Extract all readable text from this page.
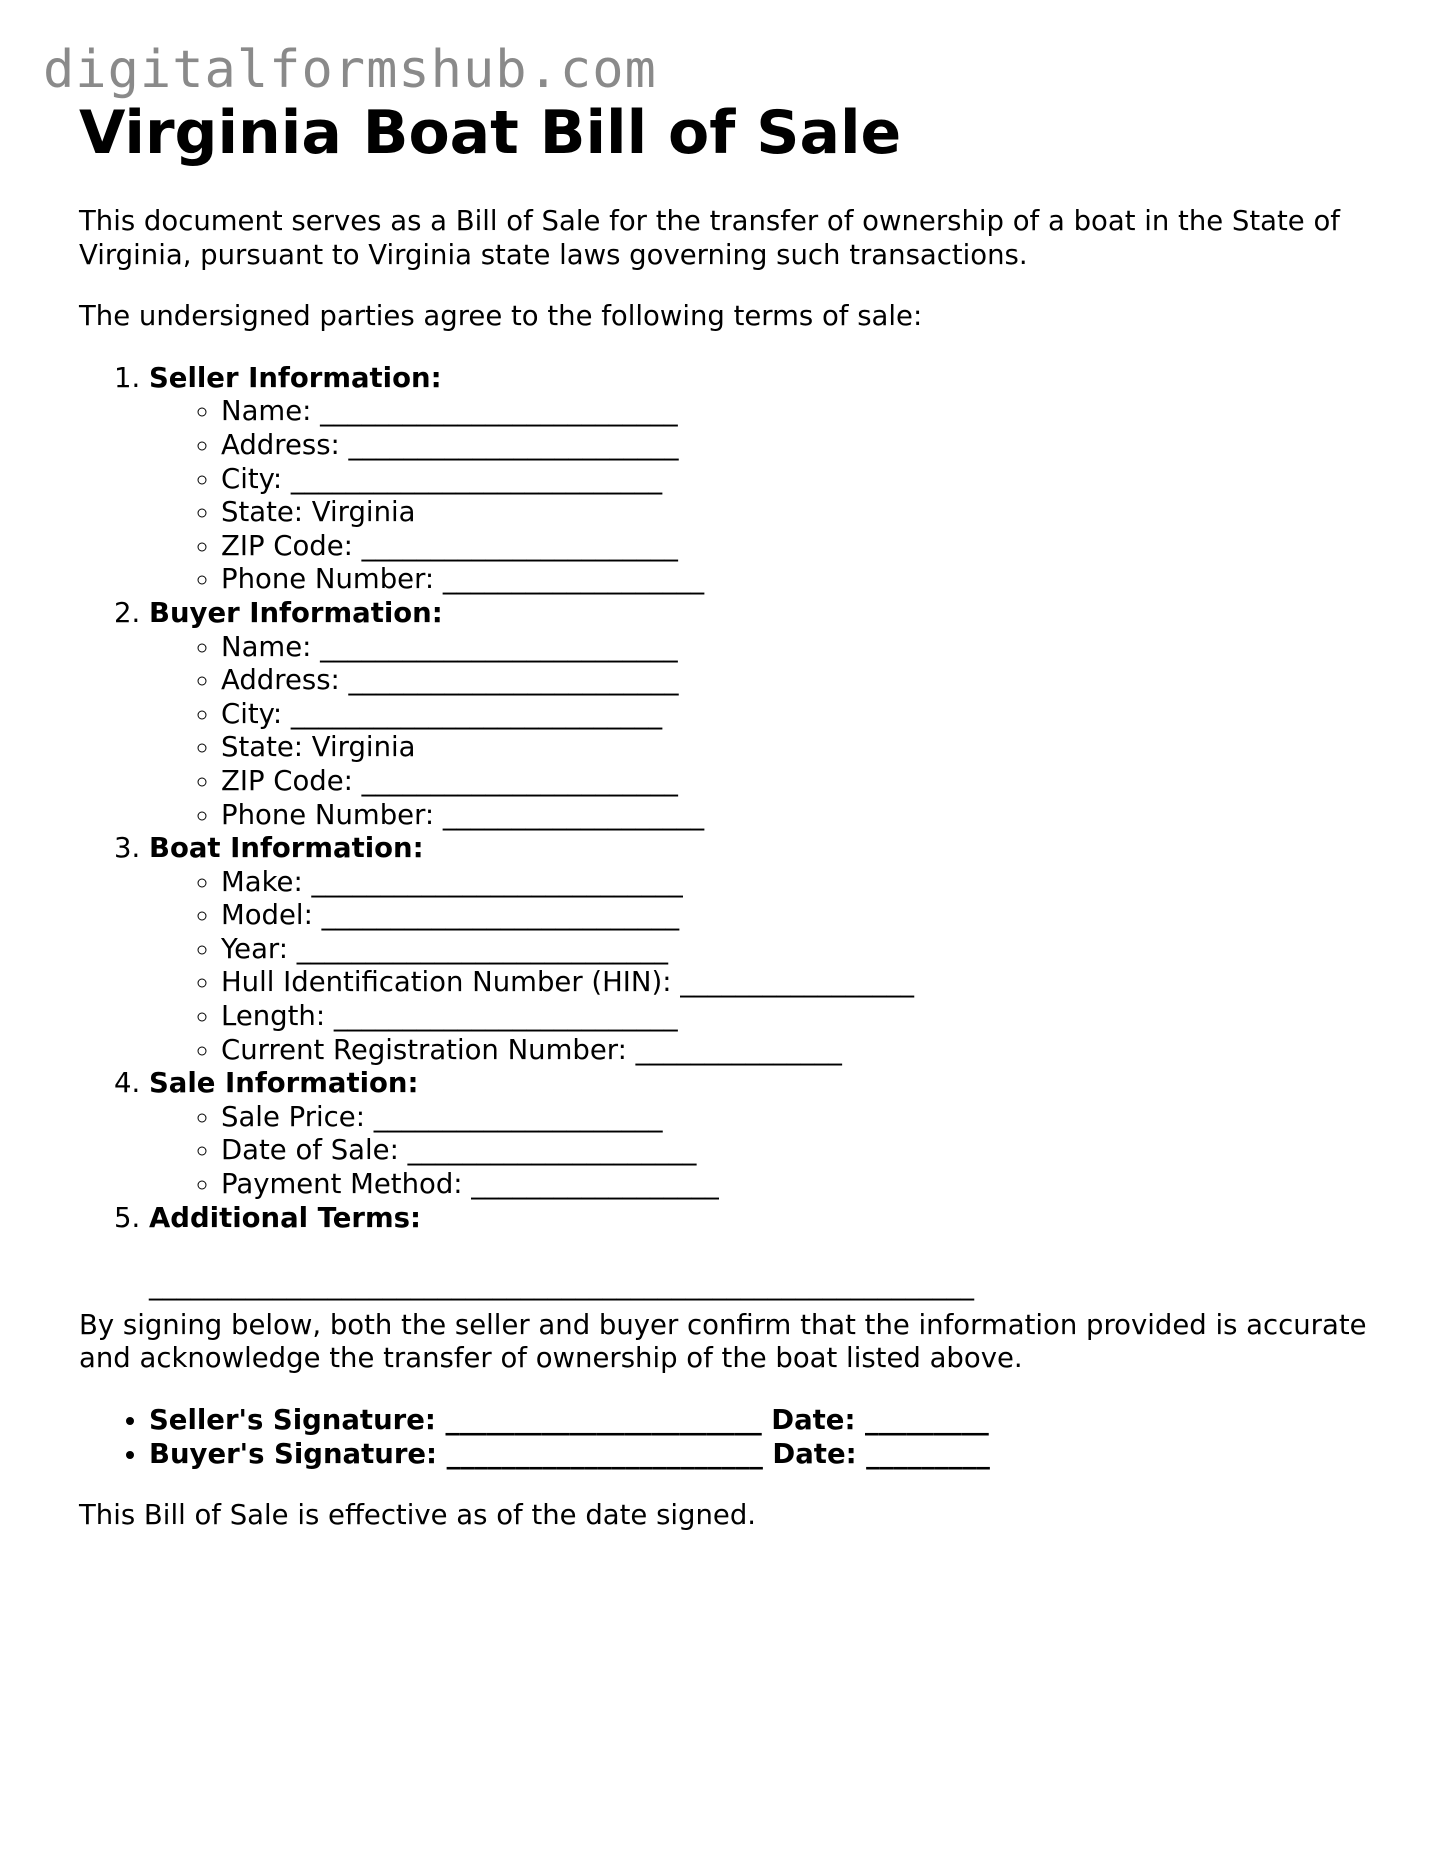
digitalformshub.com
Virginia Boat Bill of Sale

This document serves as a Bill of Sale for the transfer of ownership of a boat in the State of Virginia, pursuant to Virginia state laws governing such transactions.

The undersigned parties agree to the following terms of sale:

1. Seller Information:
◦ Name: __________________________
◦ Address: ________________________
◦ City: ___________________________
◦ State: Virginia
◦ ZIP Code: _______________________
◦ Phone Number: ___________________
2. Buyer Information:
◦ Name: __________________________
◦ Address: ________________________
◦ City: ___________________________
◦ State: Virginia
◦ ZIP Code: _______________________
◦ Phone Number: ___________________
3. Boat Information:
◦ Make: ___________________________
◦ Model: __________________________
◦ Year: ___________________________
◦ Hull Identification Number (HIN): _________________
◦ Length: _________________________
◦ Current Registration Number: _______________
4. Sale Information:
◦ Sale Price: _____________________
◦ Date of Sale: _____________________
◦ Payment Method: __________________
5. Additional Terms:
____________________________________________________________

By signing below, both the seller and buyer confirm that the information provided is accurate and acknowledge the transfer of ownership of the boat listed above.

• Seller's Signature: _______________________ Date: _________
• Buyer's Signature: _______________________ Date: _________

This Bill of Sale is effective as of the date signed.
